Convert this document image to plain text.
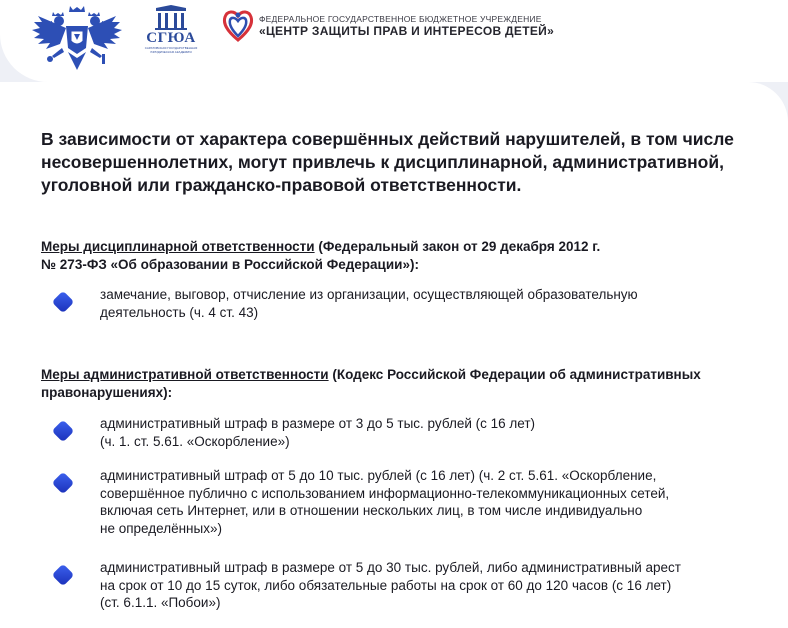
СГЮА
САРАТОВСКАЯ ГОСУДАРСТВЕННАЯ ЮРИДИЧЕСКАЯ АКАДЕМИЯ
ФЕДЕРАЛЬНОЕ ГОСУДАРСТВЕННОЕ БЮДЖЕТНОЕ УЧРЕЖДЕНИЕ
«ЦЕНТР ЗАЩИТЫ ПРАВ И ИНТЕРЕСОВ ДЕТЕЙ»
В зависимости от характера совершённых действий нарушителей, в том числе
несовершеннолетних, могут привлечь к дисциплинарной, административной,
уголовной или гражданско-правовой ответственности.
Меры дисциплинарной ответственности (Федеральный закон от 29 декабря 2012 г.
№ 273-ФЗ «Об образовании в Российской Федерации»):
замечание, выговор, отчисление из организации, осуществляющей образовательную
деятельность (ч. 4 ст. 43)
Меры административной ответственности (Кодекс Российской Федерации об административных
правонарушениях):
административный штраф в размере от 3 до 5 тыс. рублей (с 16 лет)
(ч. 1. ст. 5.61. «Оскорбление»)
административный штраф от 5 до 10 тыс. рублей (с 16 лет) (ч. 2 ст. 5.61. «Оскорбление,
совершённое публично с использованием информационно-телекоммуникационных сетей,
включая сеть Интернет, или в отношении нескольких лиц, в том числе индивидуально
не определённых»)
административный штраф в размере от 5 до 30 тыс. рублей, либо административный арест
на срок от 10 до 15 суток, либо обязательные работы на срок от 60 до 120 часов (с 16 лет)
(ст. 6.1.1. «Побои»)
